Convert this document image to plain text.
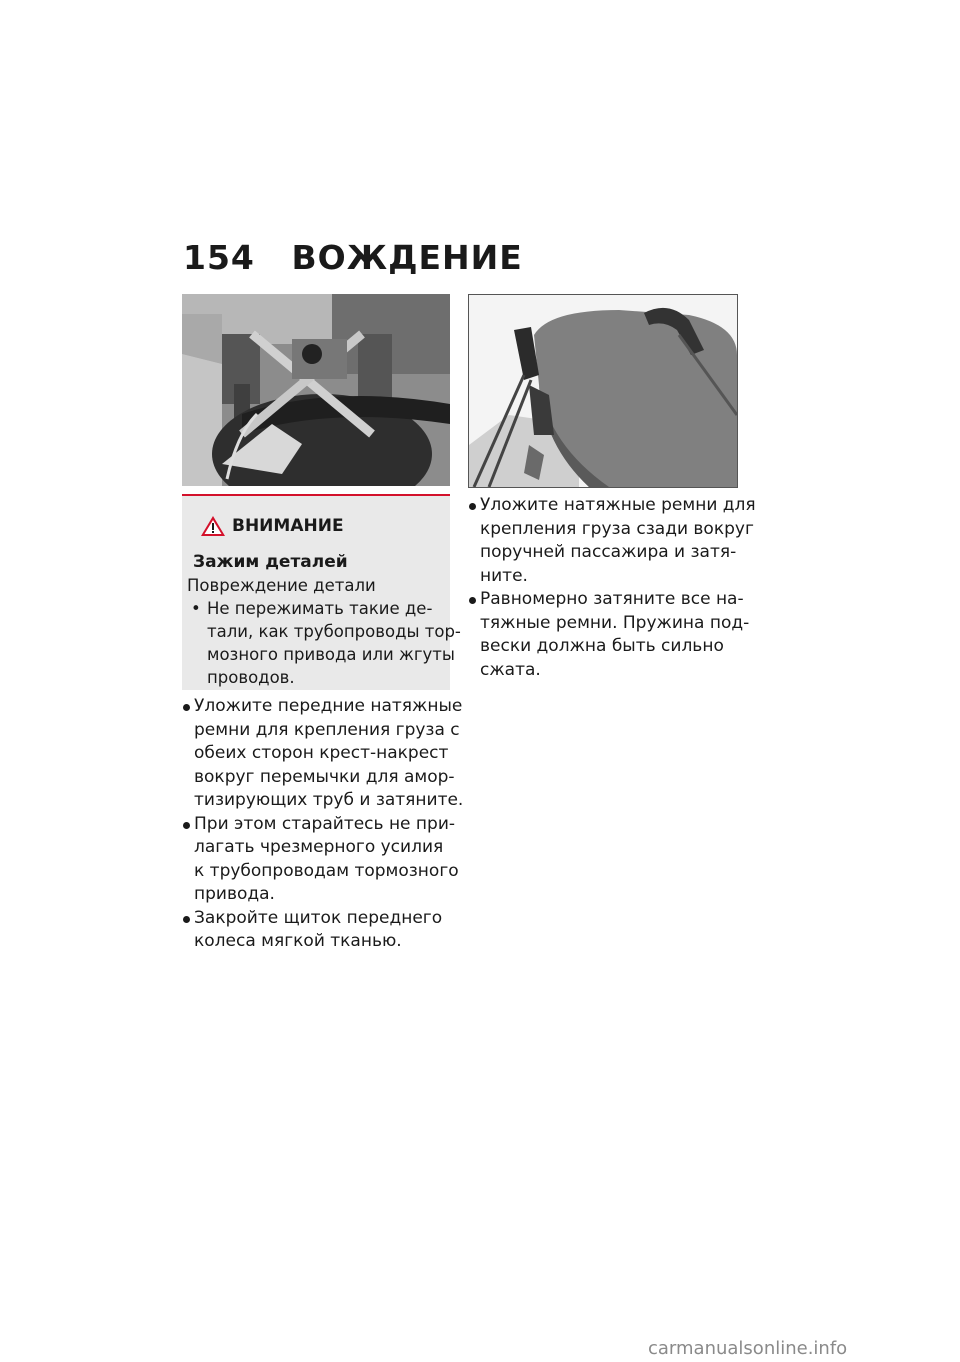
154 ВОЖДЕНИЕ
ВНИМАНИЕ
Зажим деталей
Повреждение детали
• Не пережимать такие де-
тали, как трубопроводы тор-
мозного привода или жгуты
проводов.
Уложите передние натяжные
ремни для крепления груза с
обеих сторон крест-накрест
вокруг перемычки для амор-
тизирующих труб и затяните.
При этом старайтесь не при-
лагать чрезмерного усилия
к трубопроводам тормозного
привода.
Закройте щиток переднего
колеса мягкой тканью.
Уложите натяжные ремни для
крепления груза сзади вокруг
поручней пассажира и затя-
ните.
Равномерно затяните все на-
тяжные ремни. Пружина под-
вески должна быть сильно
сжата.
carmanualsonline.info
